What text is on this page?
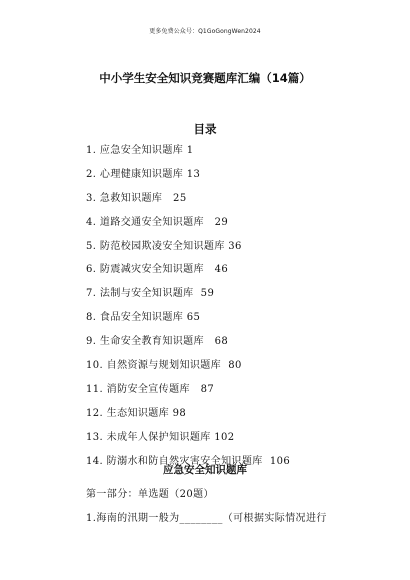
更多免费公众号：Q1GoGongWen2024
中小学生安全知识竞赛题库汇编（14篇）
目录
1. 应急安全知识题库 1
2. 心理健康知识题库 13
3. 急救知识题库   25
4. 道路交通安全知识题库   29
5. 防范校园欺凌安全知识题库 36
6. 防震减灾安全知识题库   46
7. 法制与安全知识题库  59
8. 食品安全知识题库 65
9. 生命安全教育知识题库   68
10. 自然资源与规划知识题库  80
11. 消防安全宣传题库   87
12. 生态知识题库 98
13. 未成年人保护知识题库 102
14. 防溺水和防自然灾害安全知识题库  106
应急安全知识题库
第一部分：单选题（20题）
1.海南的汛期一般为________（可根据实际情况进行
